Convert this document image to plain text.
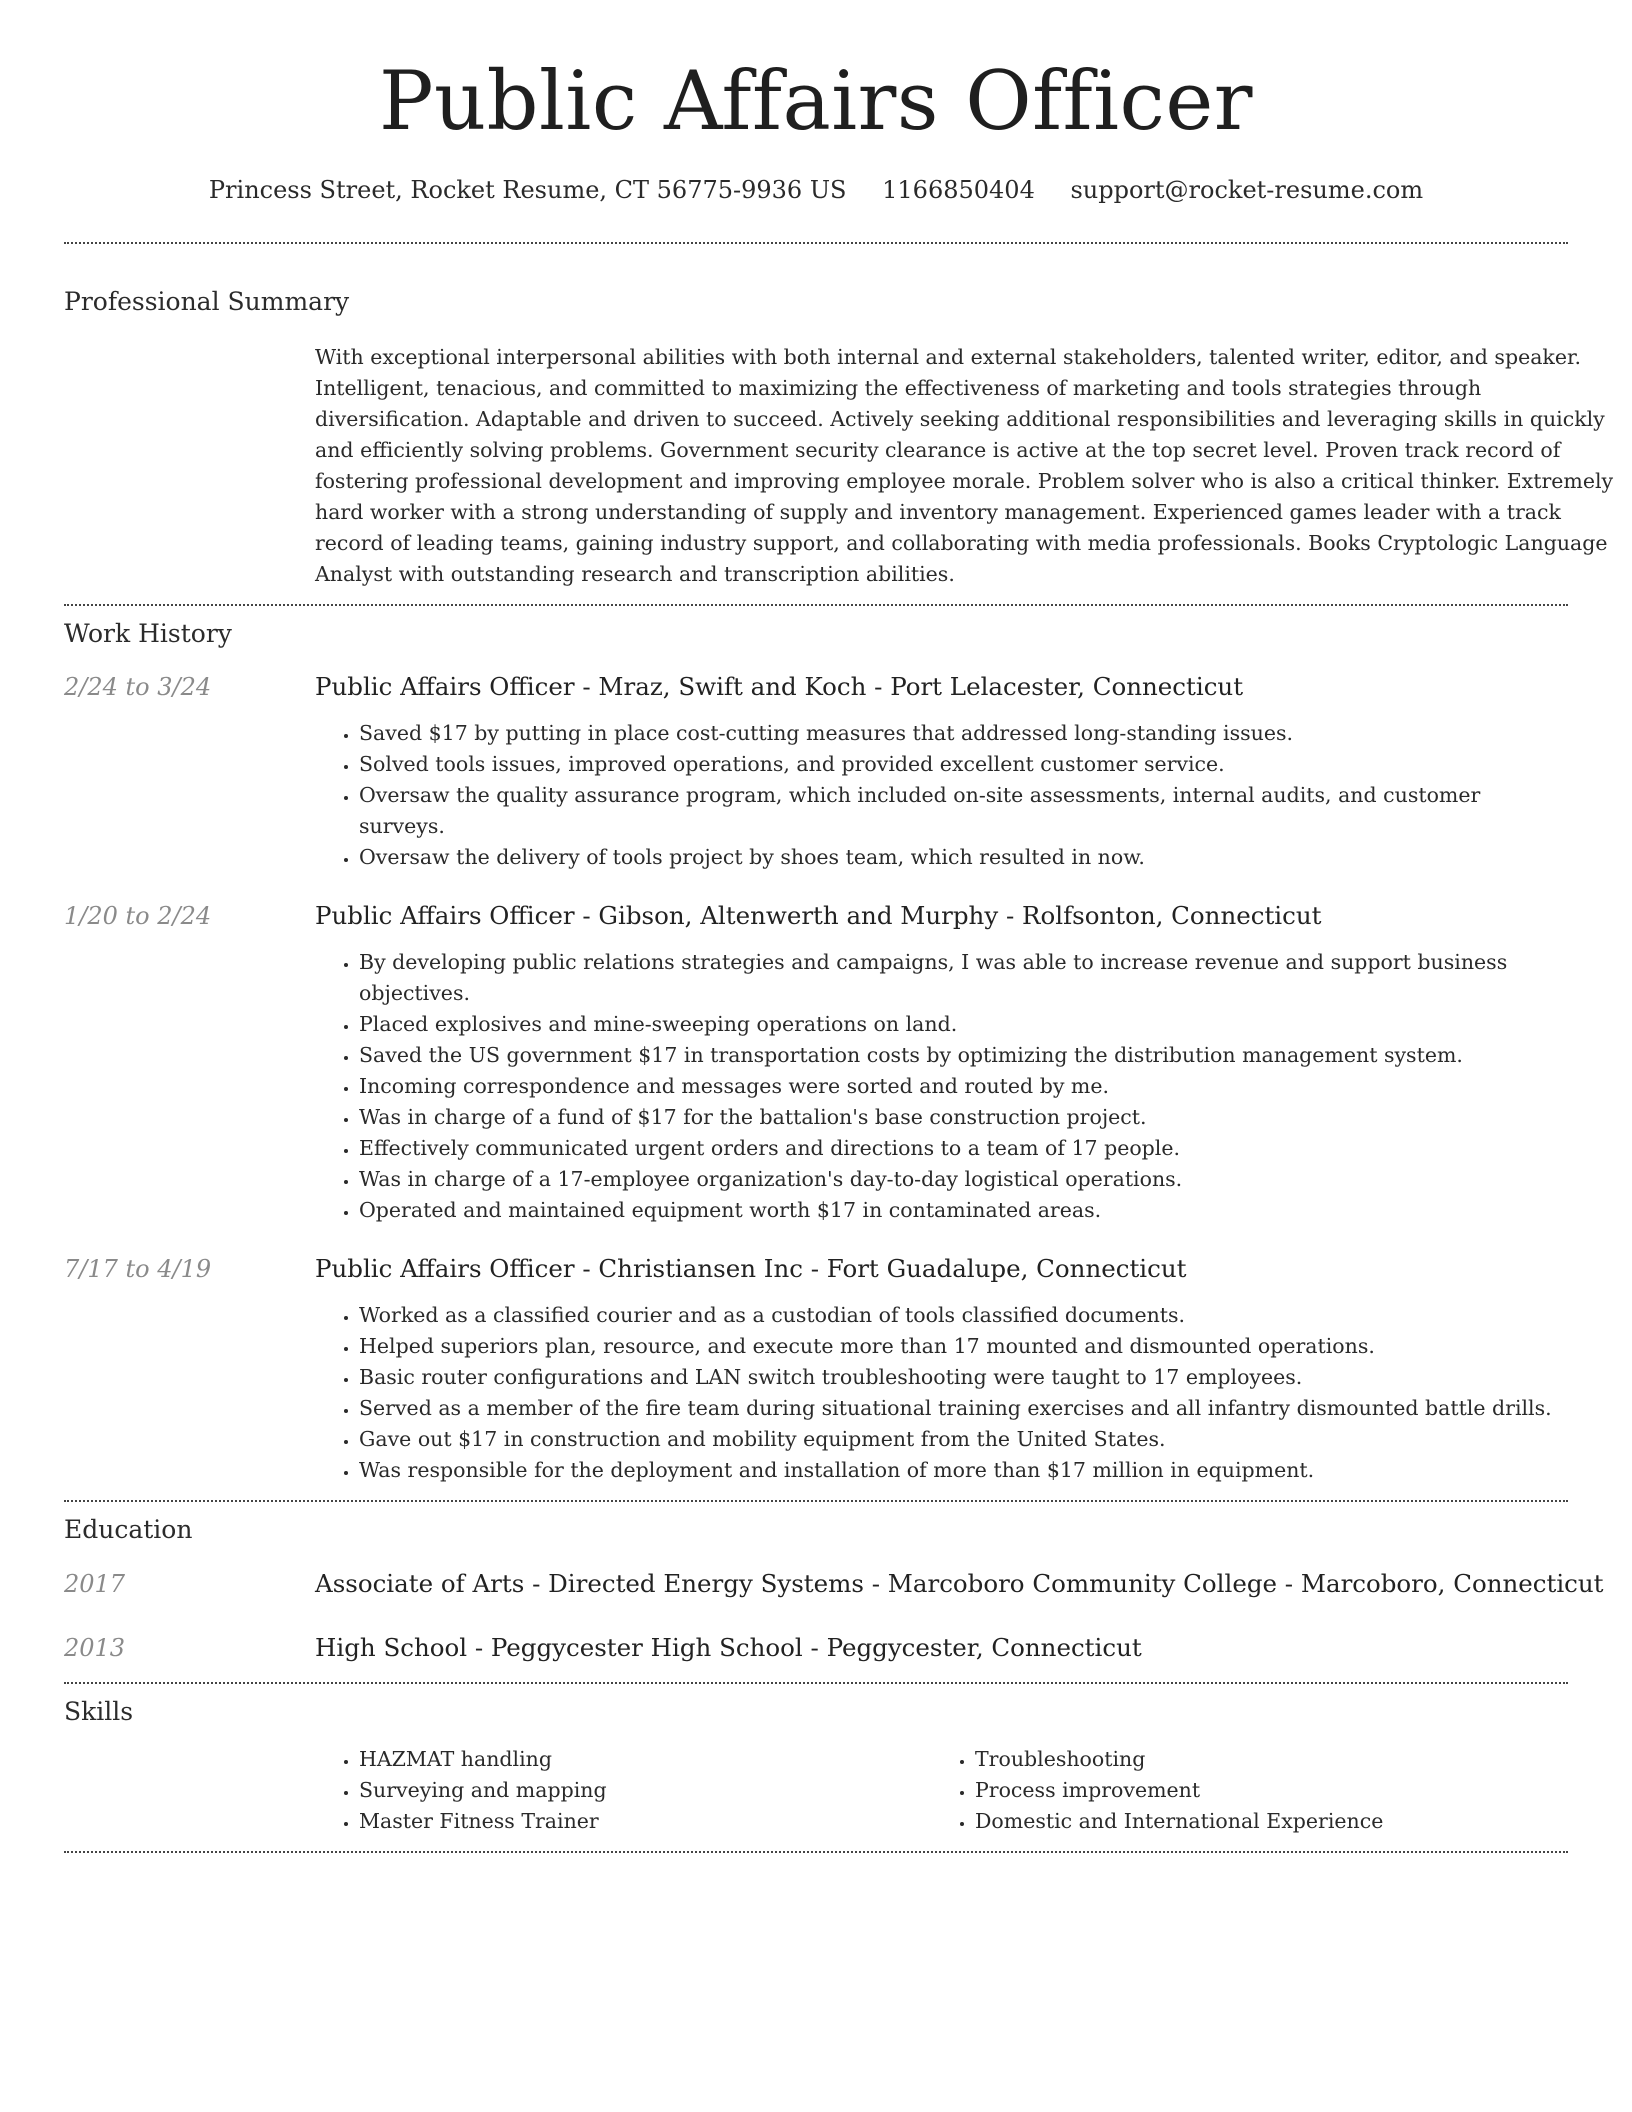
Public Affairs Officer
Princess Street, Rocket Resume, CT 56775-9936 US 1166850404 support@rocket-resume.com
Professional Summary
With exceptional interpersonal abilities with both internal and external stakeholders, talented writer, editor, and speaker. Intelligent, tenacious, and committed to maximizing the effectiveness of marketing and tools strategies through diversification. Adaptable and driven to succeed. Actively seeking additional responsibilities and leveraging skills in quickly and efficiently solving problems. Government security clearance is active at the top secret level. Proven track record of fostering professional development and improving employee morale. Problem solver who is also a critical thinker. Extremely hard worker with a strong understanding of supply and inventory management. Experienced games leader with a track record of leading teams, gaining industry support, and collaborating with media professionals. Books Cryptologic Language Analyst with outstanding research and transcription abilities.
Work History
2/24 to 3/24	Public Affairs Officer - Mraz, Swift and Koch - Port Lelacester, Connecticut
• Saved $17 by putting in place cost-cutting measures that addressed long-standing issues.
• Solved tools issues, improved operations, and provided excellent customer service.
• Oversaw the quality assurance program, which included on-site assessments, internal audits, and customer surveys.
• Oversaw the delivery of tools project by shoes team, which resulted in now.
1/20 to 2/24	Public Affairs Officer - Gibson, Altenwerth and Murphy - Rolfsonton, Connecticut
• By developing public relations strategies and campaigns, I was able to increase revenue and support business objectives.
• Placed explosives and mine-sweeping operations on land.
• Saved the US government $17 in transportation costs by optimizing the distribution management system.
• Incoming correspondence and messages were sorted and routed by me.
• Was in charge of a fund of $17 for the battalion's base construction project.
• Effectively communicated urgent orders and directions to a team of 17 people.
• Was in charge of a 17-employee organization's day-to-day logistical operations.
• Operated and maintained equipment worth $17 in contaminated areas.
7/17 to 4/19	Public Affairs Officer - Christiansen Inc - Fort Guadalupe, Connecticut
• Worked as a classified courier and as a custodian of tools classified documents.
• Helped superiors plan, resource, and execute more than 17 mounted and dismounted operations.
• Basic router configurations and LAN switch troubleshooting were taught to 17 employees.
• Served as a member of the fire team during situational training exercises and all infantry dismounted battle drills.
• Gave out $17 in construction and mobility equipment from the United States.
• Was responsible for the deployment and installation of more than $17 million in equipment.
Education
2017	Associate of Arts - Directed Energy Systems - Marcoboro Community College - Marcoboro, Connecticut
2013	High School - Peggycester High School - Peggycester, Connecticut
Skills
• HAZMAT handling
• Surveying and mapping
• Master Fitness Trainer
• Troubleshooting
• Process improvement
• Domestic and International Experience
